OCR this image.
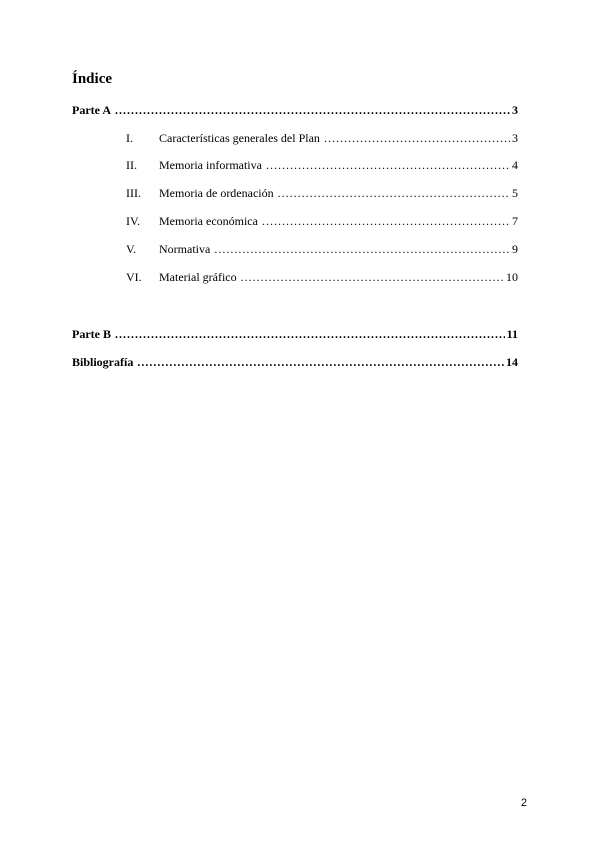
Índice
Parte A .....	3
I.	Características generales del Plan .....	3
II.	Memoria informativa .....	4
III.	Memoria de ordenación .....	5
IV.	Memoria económica .....	7
V.	Normativa .....	9
VI.	Material gráfico .....	10
Parte B .....	11
Bibliografía .....	14
2
